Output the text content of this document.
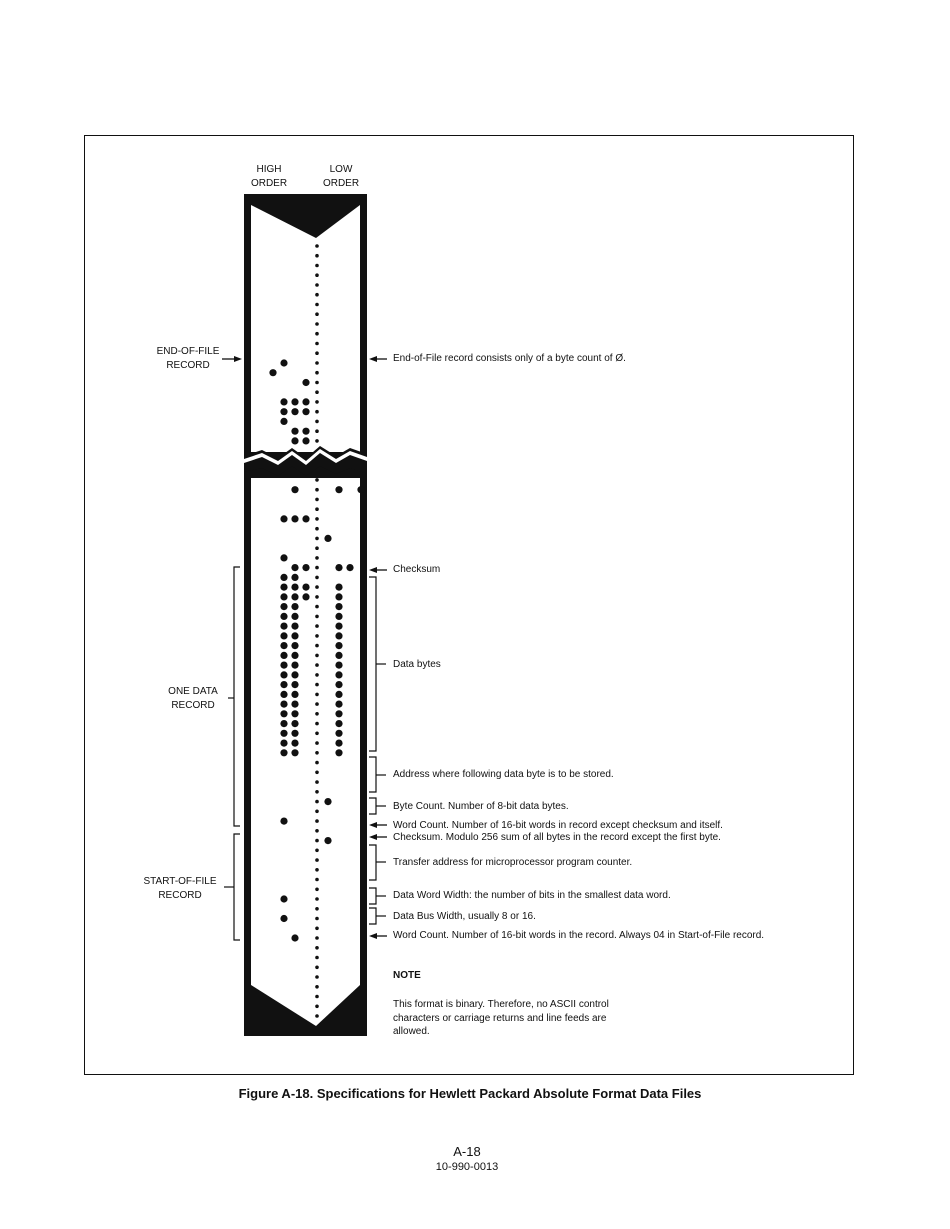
HIGH
ORDER
LOW
ORDER
END-OF-FILE
RECORD
ONE DATA
RECORD
START-OF-FILE
RECORD
End-of-File record consists only of a byte count of Ø.
Checksum
Data bytes
Address where following data byte is to be stored.
Byte Count. Number of 8-bit data bytes.
Word Count. Number of 16-bit words in record except checksum and itself.
Checksum. Modulo 256 sum of all bytes in the record except the first byte.
Transfer address for microprocessor program counter.
Data Word Width: the number of bits in the smallest data word.
Data Bus Width, usually 8 or 16.
Word Count. Number of 16-bit words in the record. Always 04 in Start-of-File record.
NOTE
This format is binary. Therefore, no ASCII control characters or carriage returns and line feeds are allowed.
Figure A-18. Specifications for Hewlett Packard Absolute Format Data Files
A-18
10-990-0013
